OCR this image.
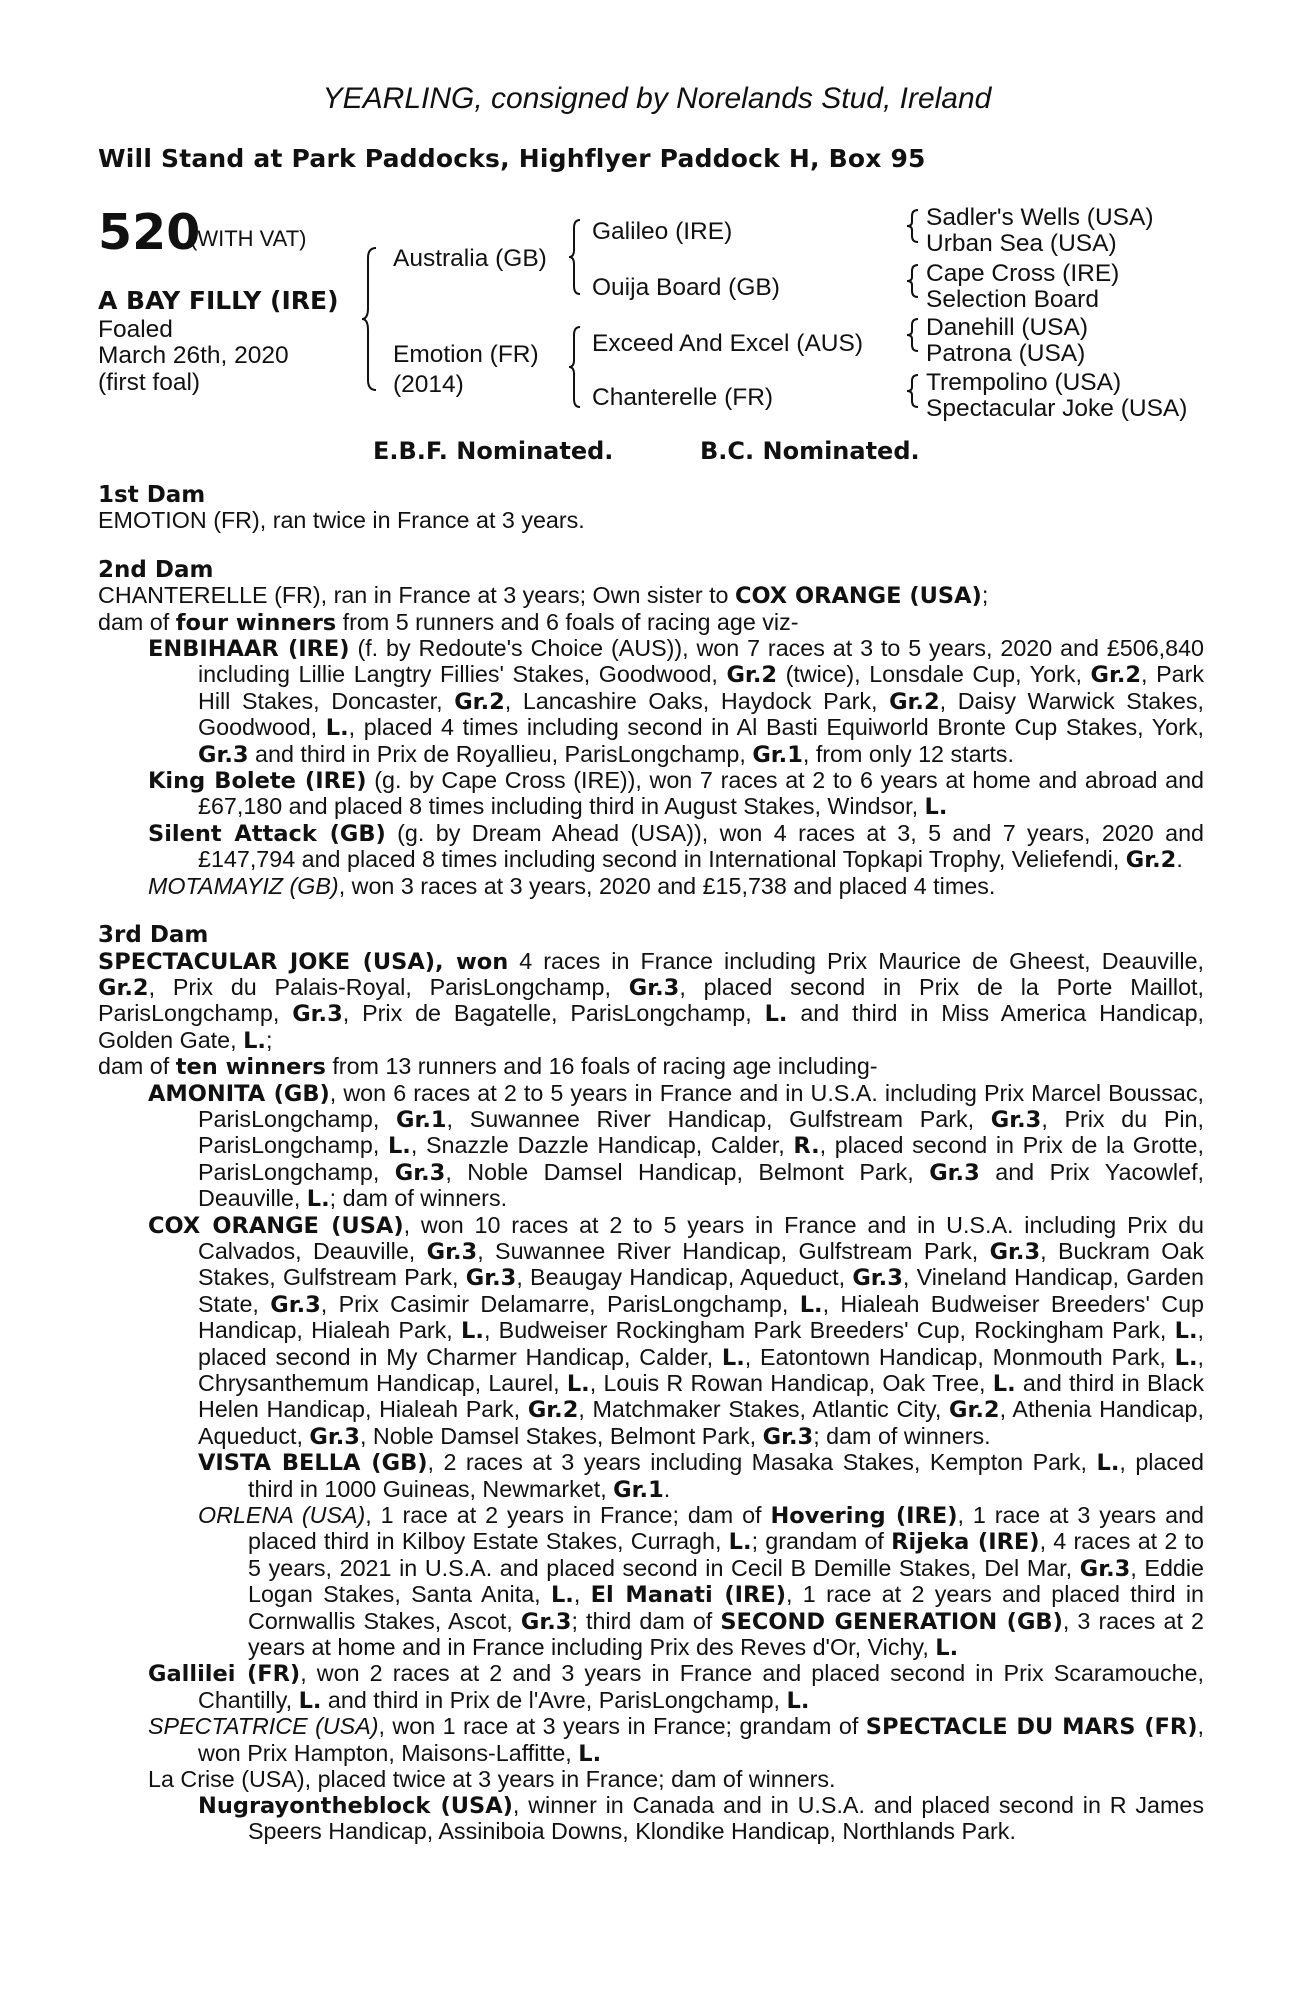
YEARLING, consigned by Norelands Stud, Ireland
Will Stand at Park Paddocks, Highflyer Paddock H, Box 95
520
(WITH VAT)
A BAY FILLY (IRE)
Foaled
March 26th, 2020
(first foal)
Australia (GB)
Emotion (FR)
(2014)
Galileo (IRE)
Ouija Board (GB)
Exceed And Excel (AUS)
Chanterelle (FR)
Sadler's Wells (USA)
Urban Sea (USA)
Cape Cross (IRE)
Selection Board
Danehill (USA)
Patrona (USA)
Trempolino (USA)
Spectacular Joke (USA)
E.B.F. Nominated.	B.C. Nominated.
1st Dam
EMOTION (FR), ran twice in France at 3 years.
2nd Dam
CHANTERELLE (FR), ran in France at 3 years; Own sister to COX ORANGE (USA);
dam of four winners from 5 runners and 6 foals of racing age viz-
ENBIHAAR (IRE) (f. by Redoute's Choice (AUS)), won 7 races at 3 to 5 years, 2020 and £506,840 including Lillie Langtry Fillies' Stakes, Goodwood, Gr.2 (twice), Lonsdale Cup, York, Gr.2, Park Hill Stakes, Doncaster, Gr.2, Lancashire Oaks, Haydock Park, Gr.2, Daisy Warwick Stakes, Goodwood, L., placed 4 times including second in Al Basti Equiworld Bronte Cup Stakes, York, Gr.3 and third in Prix de Royallieu, ParisLongchamp, Gr.1, from only 12 starts.
King Bolete (IRE) (g. by Cape Cross (IRE)), won 7 races at 2 to 6 years at home and abroad and £67,180 and placed 8 times including third in August Stakes, Windsor, L.
Silent Attack (GB) (g. by Dream Ahead (USA)), won 4 races at 3, 5 and 7 years, 2020 and £147,794 and placed 8 times including second in International Topkapi Trophy, Veliefendi, Gr.2.
MOTAMAYIZ (GB), won 3 races at 3 years, 2020 and £15,738 and placed 4 times.
3rd Dam
SPECTACULAR JOKE (USA), won 4 races in France including Prix Maurice de Gheest, Deauville, Gr.2, Prix du Palais-Royal, ParisLongchamp, Gr.3, placed second in Prix de la Porte Maillot, ParisLongchamp, Gr.3, Prix de Bagatelle, ParisLongchamp, L. and third in Miss America Handicap, Golden Gate, L.;
dam of ten winners from 13 runners and 16 foals of racing age including-
AMONITA (GB), won 6 races at 2 to 5 years in France and in U.S.A. including Prix Marcel Boussac, ParisLongchamp, Gr.1, Suwannee River Handicap, Gulfstream Park, Gr.3, Prix du Pin, ParisLongchamp, L., Snazzle Dazzle Handicap, Calder, R., placed second in Prix de la Grotte, ParisLongchamp, Gr.3, Noble Damsel Handicap, Belmont Park, Gr.3 and Prix Yacowlef, Deauville, L.; dam of winners.
COX ORANGE (USA), won 10 races at 2 to 5 years in France and in U.S.A. including Prix du Calvados, Deauville, Gr.3, Suwannee River Handicap, Gulfstream Park, Gr.3, Buckram Oak Stakes, Gulfstream Park, Gr.3, Beaugay Handicap, Aqueduct, Gr.3, Vineland Handicap, Garden State, Gr.3, Prix Casimir Delamarre, ParisLongchamp, L., Hialeah Budweiser Breeders' Cup Handicap, Hialeah Park, L., Budweiser Rockingham Park Breeders' Cup, Rockingham Park, L., placed second in My Charmer Handicap, Calder, L., Eatontown Handicap, Monmouth Park, L., Chrysanthemum Handicap, Laurel, L., Louis R Rowan Handicap, Oak Tree, L. and third in Black Helen Handicap, Hialeah Park, Gr.2, Matchmaker Stakes, Atlantic City, Gr.2, Athenia Handicap, Aqueduct, Gr.3, Noble Damsel Stakes, Belmont Park, Gr.3; dam of winners.
VISTA BELLA (GB), 2 races at 3 years including Masaka Stakes, Kempton Park, L., placed third in 1000 Guineas, Newmarket, Gr.1.
ORLENA (USA), 1 race at 2 years in France; dam of Hovering (IRE), 1 race at 3 years and placed third in Kilboy Estate Stakes, Curragh, L.; grandam of Rijeka (IRE), 4 races at 2 to 5 years, 2021 in U.S.A. and placed second in Cecil B Demille Stakes, Del Mar, Gr.3, Eddie Logan Stakes, Santa Anita, L., El Manati (IRE), 1 race at 2 years and placed third in Cornwallis Stakes, Ascot, Gr.3; third dam of SECOND GENERATION (GB), 3 races at 2 years at home and in France including Prix des Reves d'Or, Vichy, L.
Gallilei (FR), won 2 races at 2 and 3 years in France and placed second in Prix Scaramouche, Chantilly, L. and third in Prix de l'Avre, ParisLongchamp, L.
SPECTATRICE (USA), won 1 race at 3 years in France; grandam of SPECTACLE DU MARS (FR), won Prix Hampton, Maisons-Laffitte, L.
La Crise (USA), placed twice at 3 years in France; dam of winners.
Nugrayontheblock (USA), winner in Canada and in U.S.A. and placed second in R James Speers Handicap, Assiniboia Downs, Klondike Handicap, Northlands Park.
